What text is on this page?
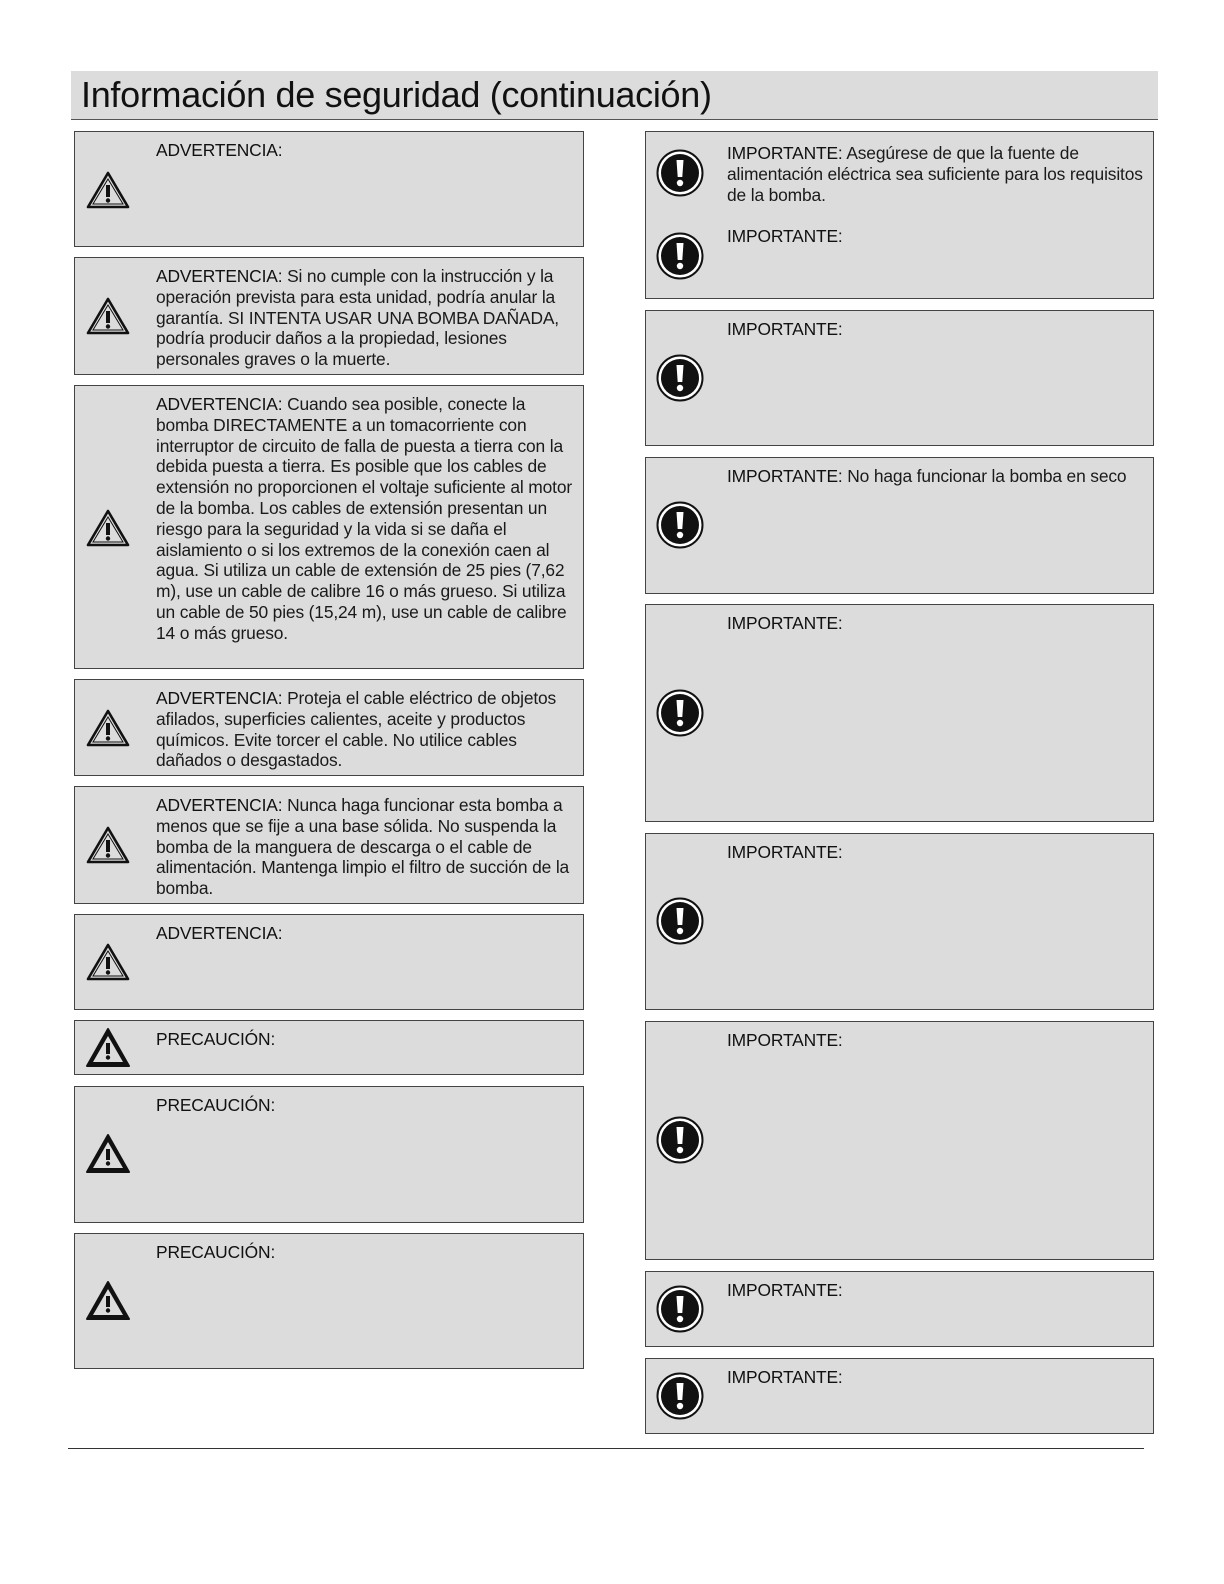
Información de seguridad (continuación)
ADVERTENCIA:
ADVERTENCIA: Si no cumple con la instrucción y la operación prevista para esta unidad, podría anular la garantía. SI INTENTA USAR UNA BOMBA DAÑADA, podría producir daños a la propiedad, lesiones personales graves o la muerte.
ADVERTENCIA: Cuando sea posible, conecte la bomba DIRECTAMENTE a un tomacorriente con interruptor de circuito de falla de puesta a tierra con la debida puesta a tierra. Es posible que los cables de extensión no proporcionen el voltaje suficiente al motor de la bomba. Los cables de extensión presentan un riesgo para la seguridad y la vida si se daña el aislamiento o si los extremos de la conexión caen al agua. Si utiliza un cable de extensión de 25 pies (7,62 m), use un cable de calibre 16 o más grueso. Si utiliza un cable de 50 pies (15,24 m), use un cable de calibre 14 o más grueso.
ADVERTENCIA: Proteja el cable eléctrico de objetos afilados, superficies calientes, aceite y productos químicos. Evite torcer el cable. No utilice cables dañados o desgastados.
ADVERTENCIA: Nunca haga funcionar esta bomba a menos que se fije a una base sólida. No suspenda la bomba de la manguera de descarga o el cable de alimentación. Mantenga limpio el filtro de succión de la bomba.
ADVERTENCIA:
PRECAUCIÓN:
PRECAUCIÓN:
PRECAUCIÓN:
IMPORTANTE: Asegúrese de que la fuente de alimentación eléctrica sea suficiente para los requisitos de la bomba.
IMPORTANTE:
IMPORTANTE:
IMPORTANTE: No haga funcionar la bomba en seco
IMPORTANTE:
IMPORTANTE:
IMPORTANTE:
IMPORTANTE:
IMPORTANTE:
